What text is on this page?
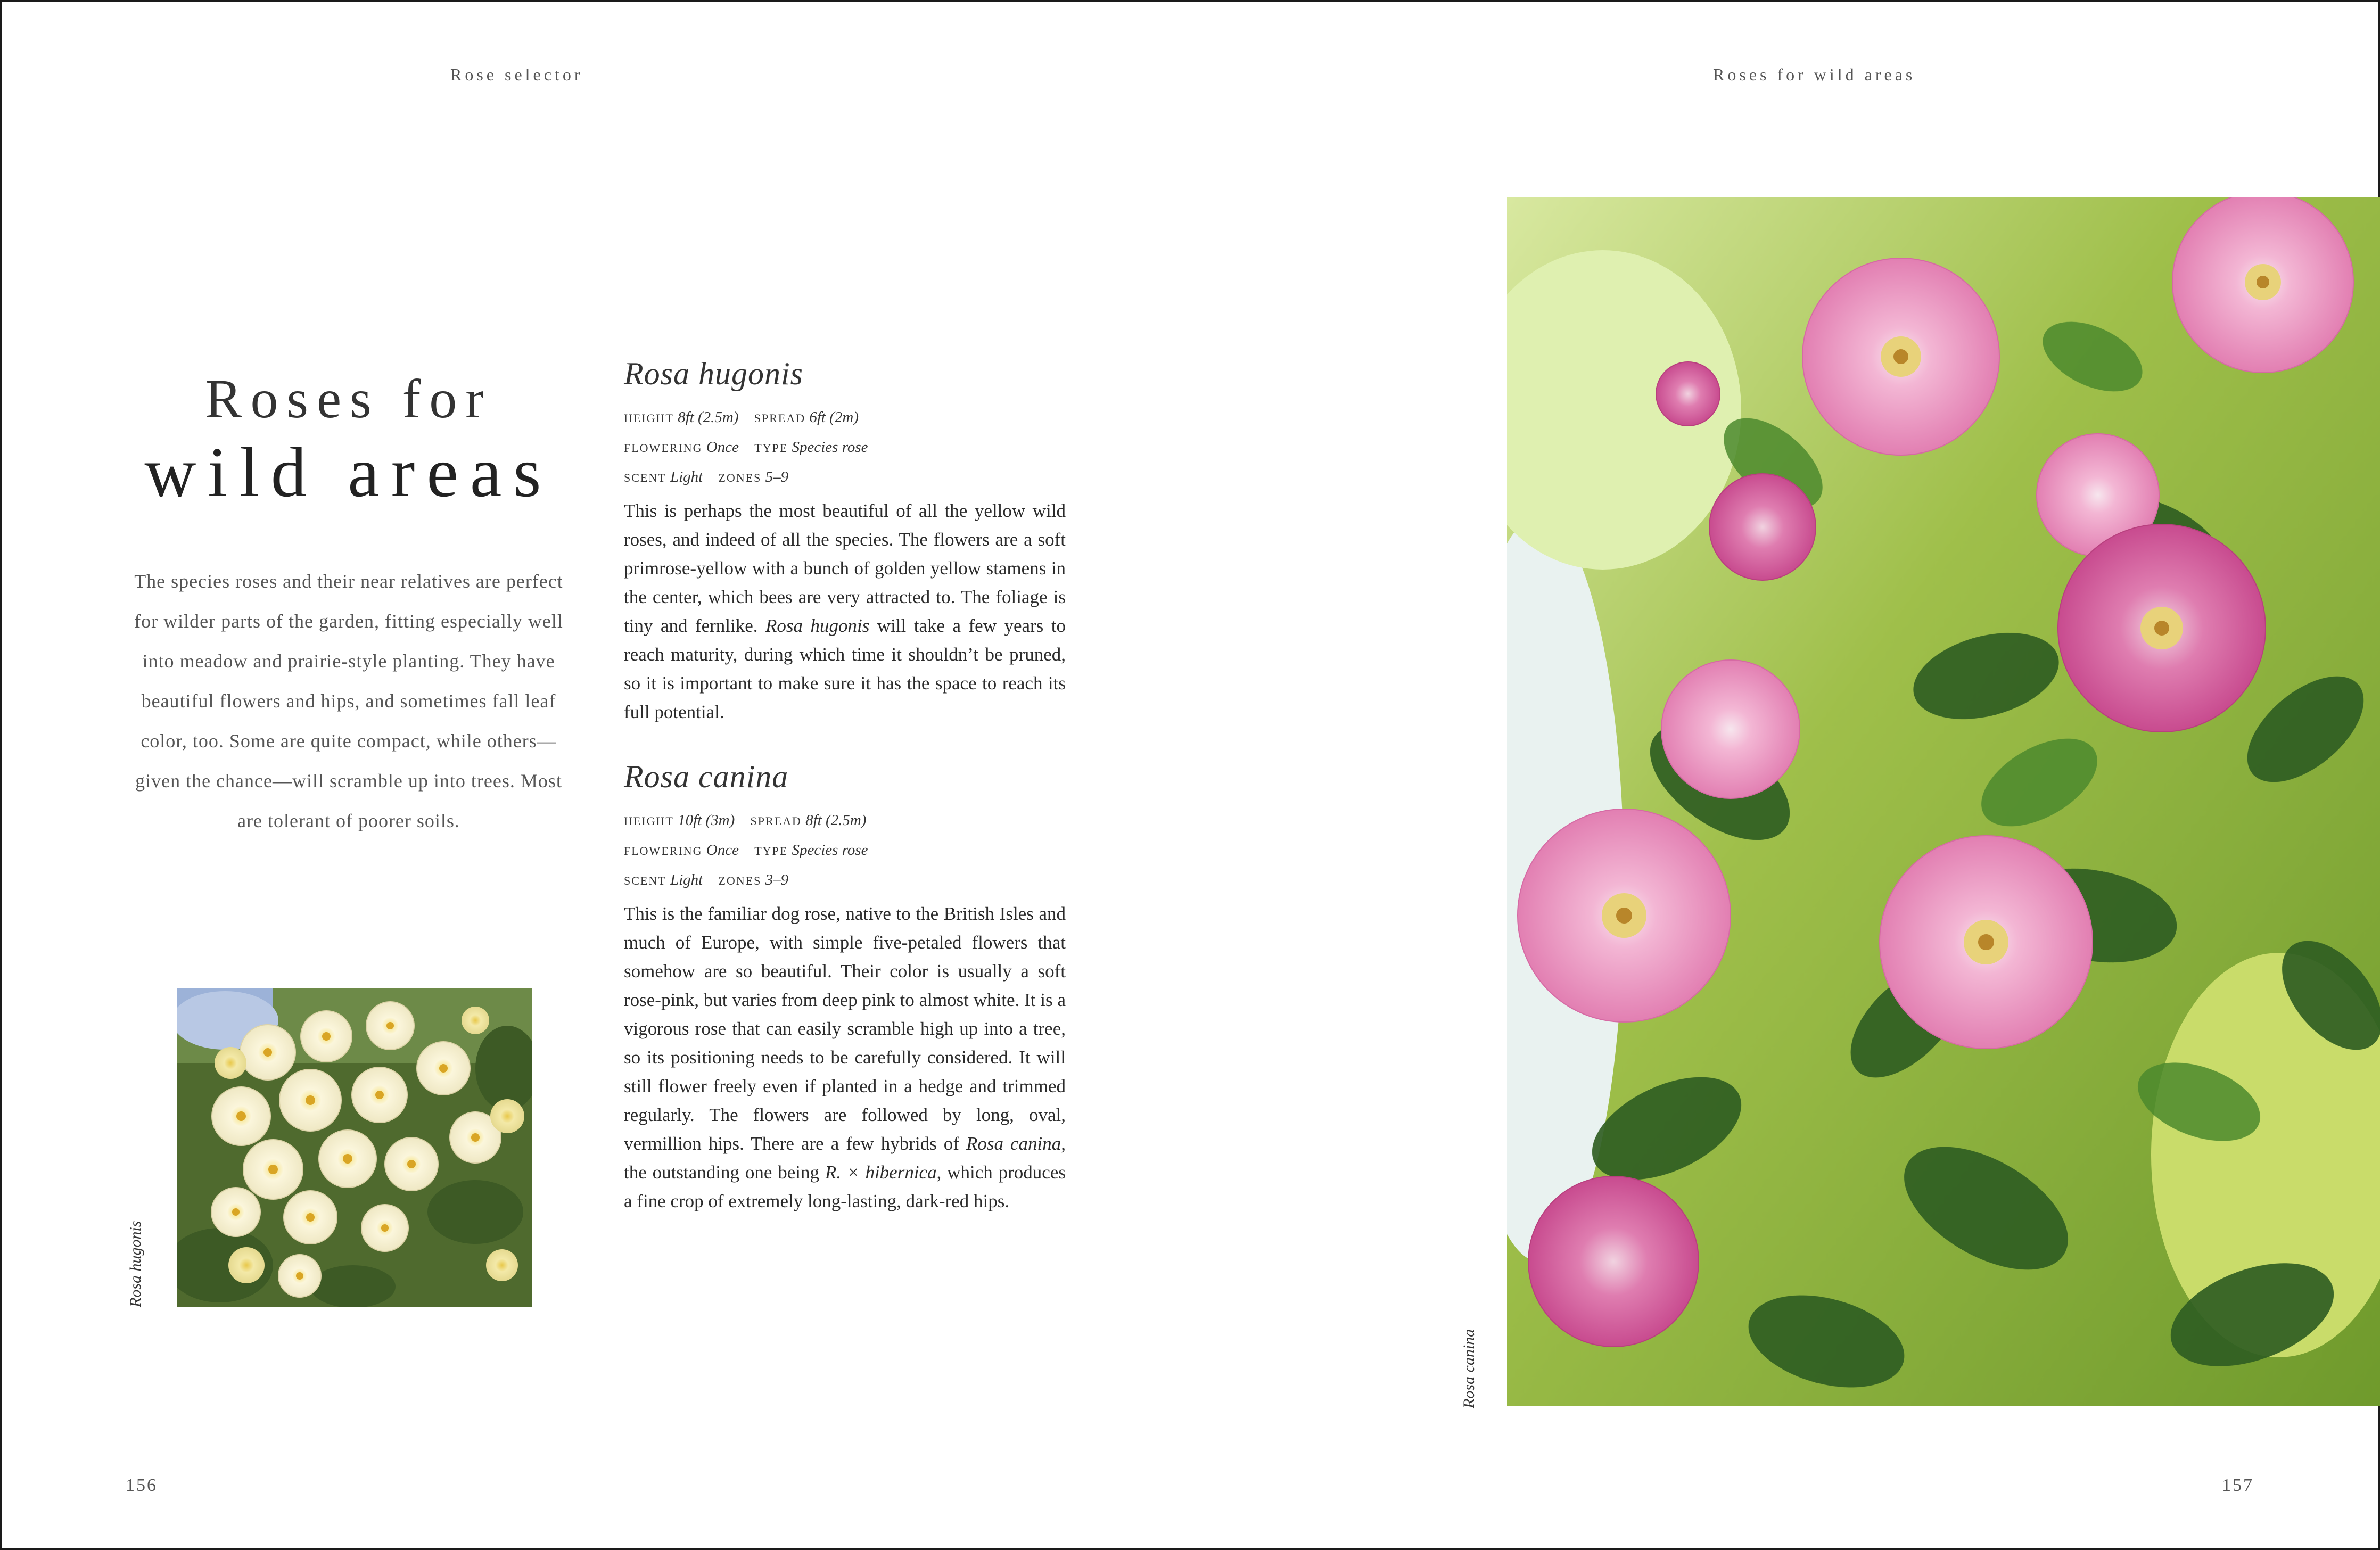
Rose selector	Roses for wild areas
Roses for
wild areas
The species roses and their near relatives are perfect for wilder parts of the garden, fitting especially well into meadow and prairie-style planting. They have beautiful flowers and hips, and sometimes fall leaf color, too. Some are quite compact, while others—given the chance—will scramble up into trees. Most are tolerant of poorer soils.
Rosa hugonis
Rosa hugonis
height 8ft (2.5m) spread 6ft (2m)
flowering Once type Species rose
scent Light zones 5–9
This is perhaps the most beautiful of all the yellow wild roses, and indeed of all the species. The flowers are a soft primrose-yellow with a bunch of golden yellow stamens in the center, which bees are very attracted to. The foliage is tiny and fernlike. Rosa hugonis will take a few years to reach maturity, during which time it shouldn’t be pruned, so it is important to make sure it has the space to reach its full potential.
Rosa canina
height 10ft (3m) spread 8ft (2.5m)
flowering Once type Species rose
scent Light zones 3–9
This is the familiar dog rose, native to the British Isles and much of Europe, with simple five-petaled flowers that somehow are so beautiful. Their color is usually a soft rose-pink, but varies from deep pink to almost white. It is a vigorous rose that can easily scramble high up into a tree, so its positioning needs to be carefully considered. It will still flower freely even if planted in a hedge and trimmed regularly. The flowers are followed by long, oval, vermillion hips. There are a few hybrids of Rosa canina, the outstanding one being R. × hibernica, which produces a fine crop of extremely long-lasting, dark-red hips.
Rosa canina
156	157
